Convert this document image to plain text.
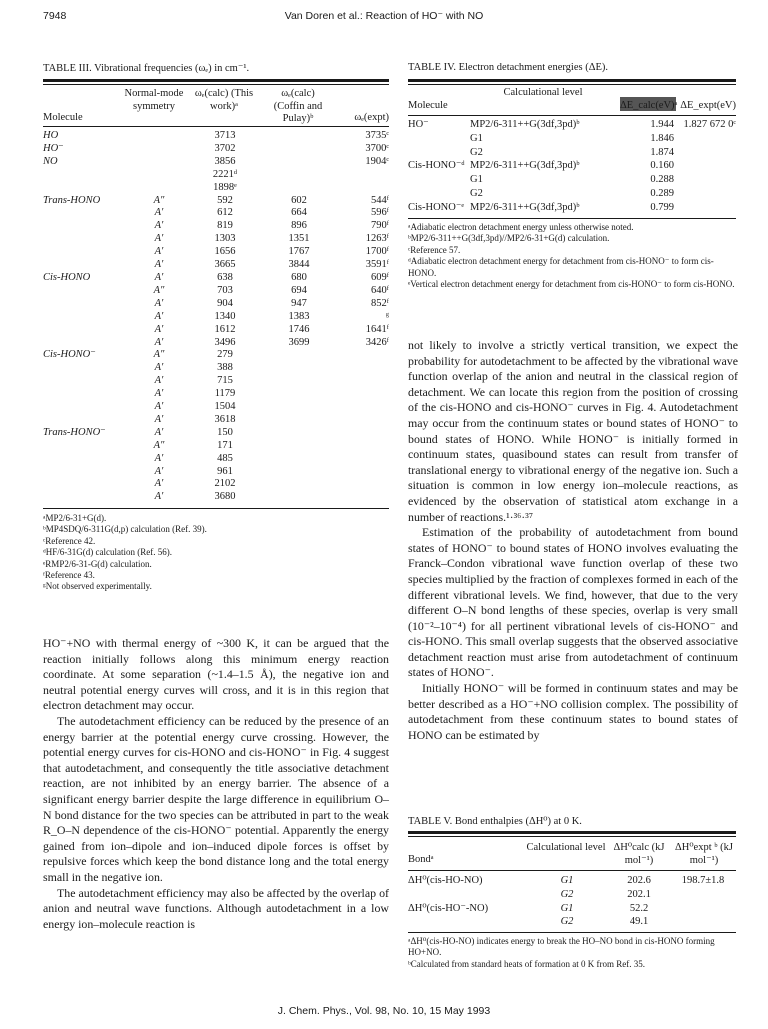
7948	Van Doren et al.: Reaction of HO⁻ with NO
TABLE III. Vibrational frequencies (ωₑ) in cm⁻¹.
Molecule
Normal-mode symmetry
ωₑ(calc) (This work)ᵃ
ωₑ(calc) (Coffin and Pulay)ᵇ	ωₑ(expt)
HO		3713		3735ᶜ
HO⁻		3702		3700ᶜ
NO		3856		1904ᶜ
		2221ᵈ		
		1898ᵉ		
Trans-HONO	A″	592	602	544ᶠ
	A′	612	664	596ᶠ
	A′	819	896	790ᶠ
	A′	1303	1351	1263ᶠ
	A′	1656	1767	1700ᶠ
	A′	3665	3844	3591ᶠ
Cis-HONO	A′	638	680	609ᶠ
	A″	703	694	640ᶠ
	A′	904	947	852ᶠ
	A′	1340	1383	ᵍ
	A′	1612	1746	1641ᶠ
	A′	3496	3699	3426ᶠ
Cis-HONO⁻	A″	279		
	A′	388		
	A′	715		
	A′	1179		
	A′	1504		
	A′	3618		
Trans-HONO⁻	A′	150		
	A″	171		
	A′	485		
	A′	961		
	A′	2102		
	A′	3680		
ᵃMP2/6-31+G(d).
ᵇMP4SDQ/6-311G(d,p) calculation (Ref. 39).
ᶜReference 42.
ᵈHF/6-31G(d) calculation (Ref. 56).
ᵉRMP2/6-31-G(d) calculation.
ᶠReference 43.
ᵍNot observed experimentally.
TABLE IV. Electron detachment energies (ΔE).
Molecule
Calculational level
ΔE_calc(eV)ᵃ ΔE_expt(eV)
HO⁻	MP2/6-311++G(3df,3pd)ᵇ	1.944	1.827 672 0ᶜ
	G1	1.846	
	G2	1.874	
Cis-HONO⁻ᵈ	MP2/6-311++G(3df,3pd)ᵇ	0.160	
	G1	0.288	
	G2	0.289	
Cis-HONO⁻ᵉ	MP2/6-311++G(3df,3pd)ᵇ	0.799	
ᵃAdiabatic electron detachment energy unless otherwise noted.
ᵇMP2/6-311++G(3df,3pd)//MP2/6-31+G(d) calculation.
ᶜReference 57.
ᵈAdiabatic electron detachment energy for detachment from cis-HONO⁻ to form cis-HONO.
ᵉVertical electron detachment energy for detachment from cis-HONO⁻ to form cis-HONO.

not likely to involve a strictly vertical transition, we expect the probability for autodetachment to be affected by the vibrational wave function overlap of the anion and neutral in the classical region of detachment. We can locate this region from the position of crossing of the cis-HONO and cis-HONO⁻ curves in Fig. 4. Autodetachment may occur from the continuum states or bound states of HONO⁻ to bound states of HONO. While HONO⁻ is initially formed in continuum states, quasibound states can result from transfer of translational energy to vibrational energy of the negative ion. Such a situation is common in low energy ion–molecule reactions, as evidenced by the observation of statistical atom exchange in a number of reactions.¹·³⁶·³⁷

Estimation of the probability of autodetachment from bound states of HONO⁻ to bound states of HONO involves evaluating the Franck–Condon vibrational wave function overlap of these two species multiplied by the fraction of complexes formed in each of the different vibrational levels. We find, however, that due to the very different O–N bond lengths of these species, overlap is very small (10⁻²–10⁻⁴) for all pertinent vibrational levels of cis-HONO⁻ and cis-HONO. This small overlap suggests that the observed associative detachment reaction must arise from autodetachment of continuum states of HONO⁻.

Initially HONO⁻ will be formed in continuum states and may be better described as a HO⁻+NO collision complex. The possibility of autodetachment from these continuum states to bound states of HONO can be estimated by

HO⁻+NO with thermal energy of ~300 K, it can be argued that the reaction initially follows along this minimum energy reaction coordinate. At some separation (~1.4–1.5 Å), the negative ion and neutral potential energy curves will cross, and it is in this region that electron detachment may occur.

The autodetachment efficiency can be reduced by the presence of an energy barrier at the potential energy curve crossing. However, the potential energy curves for cis-HONO and cis-HONO⁻ in Fig. 4 suggest that autodetachment, and consequently the title associative detachment reaction, are not inhibited by an energy barrier. The absence of a significant energy barrier despite the large difference in equilibrium O–N bond distance for the two species can be attributed in part to the weak R_O–N dependence of the cis-HONO⁻ potential. Apparently the energy gained from ion–dipole and ion–induced dipole forces is offset by repulsive forces which keep the bond distance long and the total energy small in the negative ion.

The autodetachment efficiency may also be affected by the overlap of anion and neutral wave functions. Although autodetachment in a low energy ion–molecule reaction is

TABLE V. Bond enthalpies (ΔH⁰) at 0 K.
Bondᵃ
Calculational level ΔH⁰calc (kJ mol⁻¹)
ΔH⁰expt ᵇ (kJ mol⁻¹)
ΔH⁰(cis-HO-NO)	G1	202.6	198.7±1.8
	G2	202.1	
ΔH⁰(cis-HO⁻-NO)	G1	52.2	
	G2	49.1	
ᵃΔH⁰(cis-HO-NO) indicates energy to break the HO–NO bond in cis-HONO forming HO+NO.
ᵇCalculated from standard heats of formation at 0 K from Ref. 35.
J. Chem. Phys., Vol. 98, No. 10, 15 May 1993
